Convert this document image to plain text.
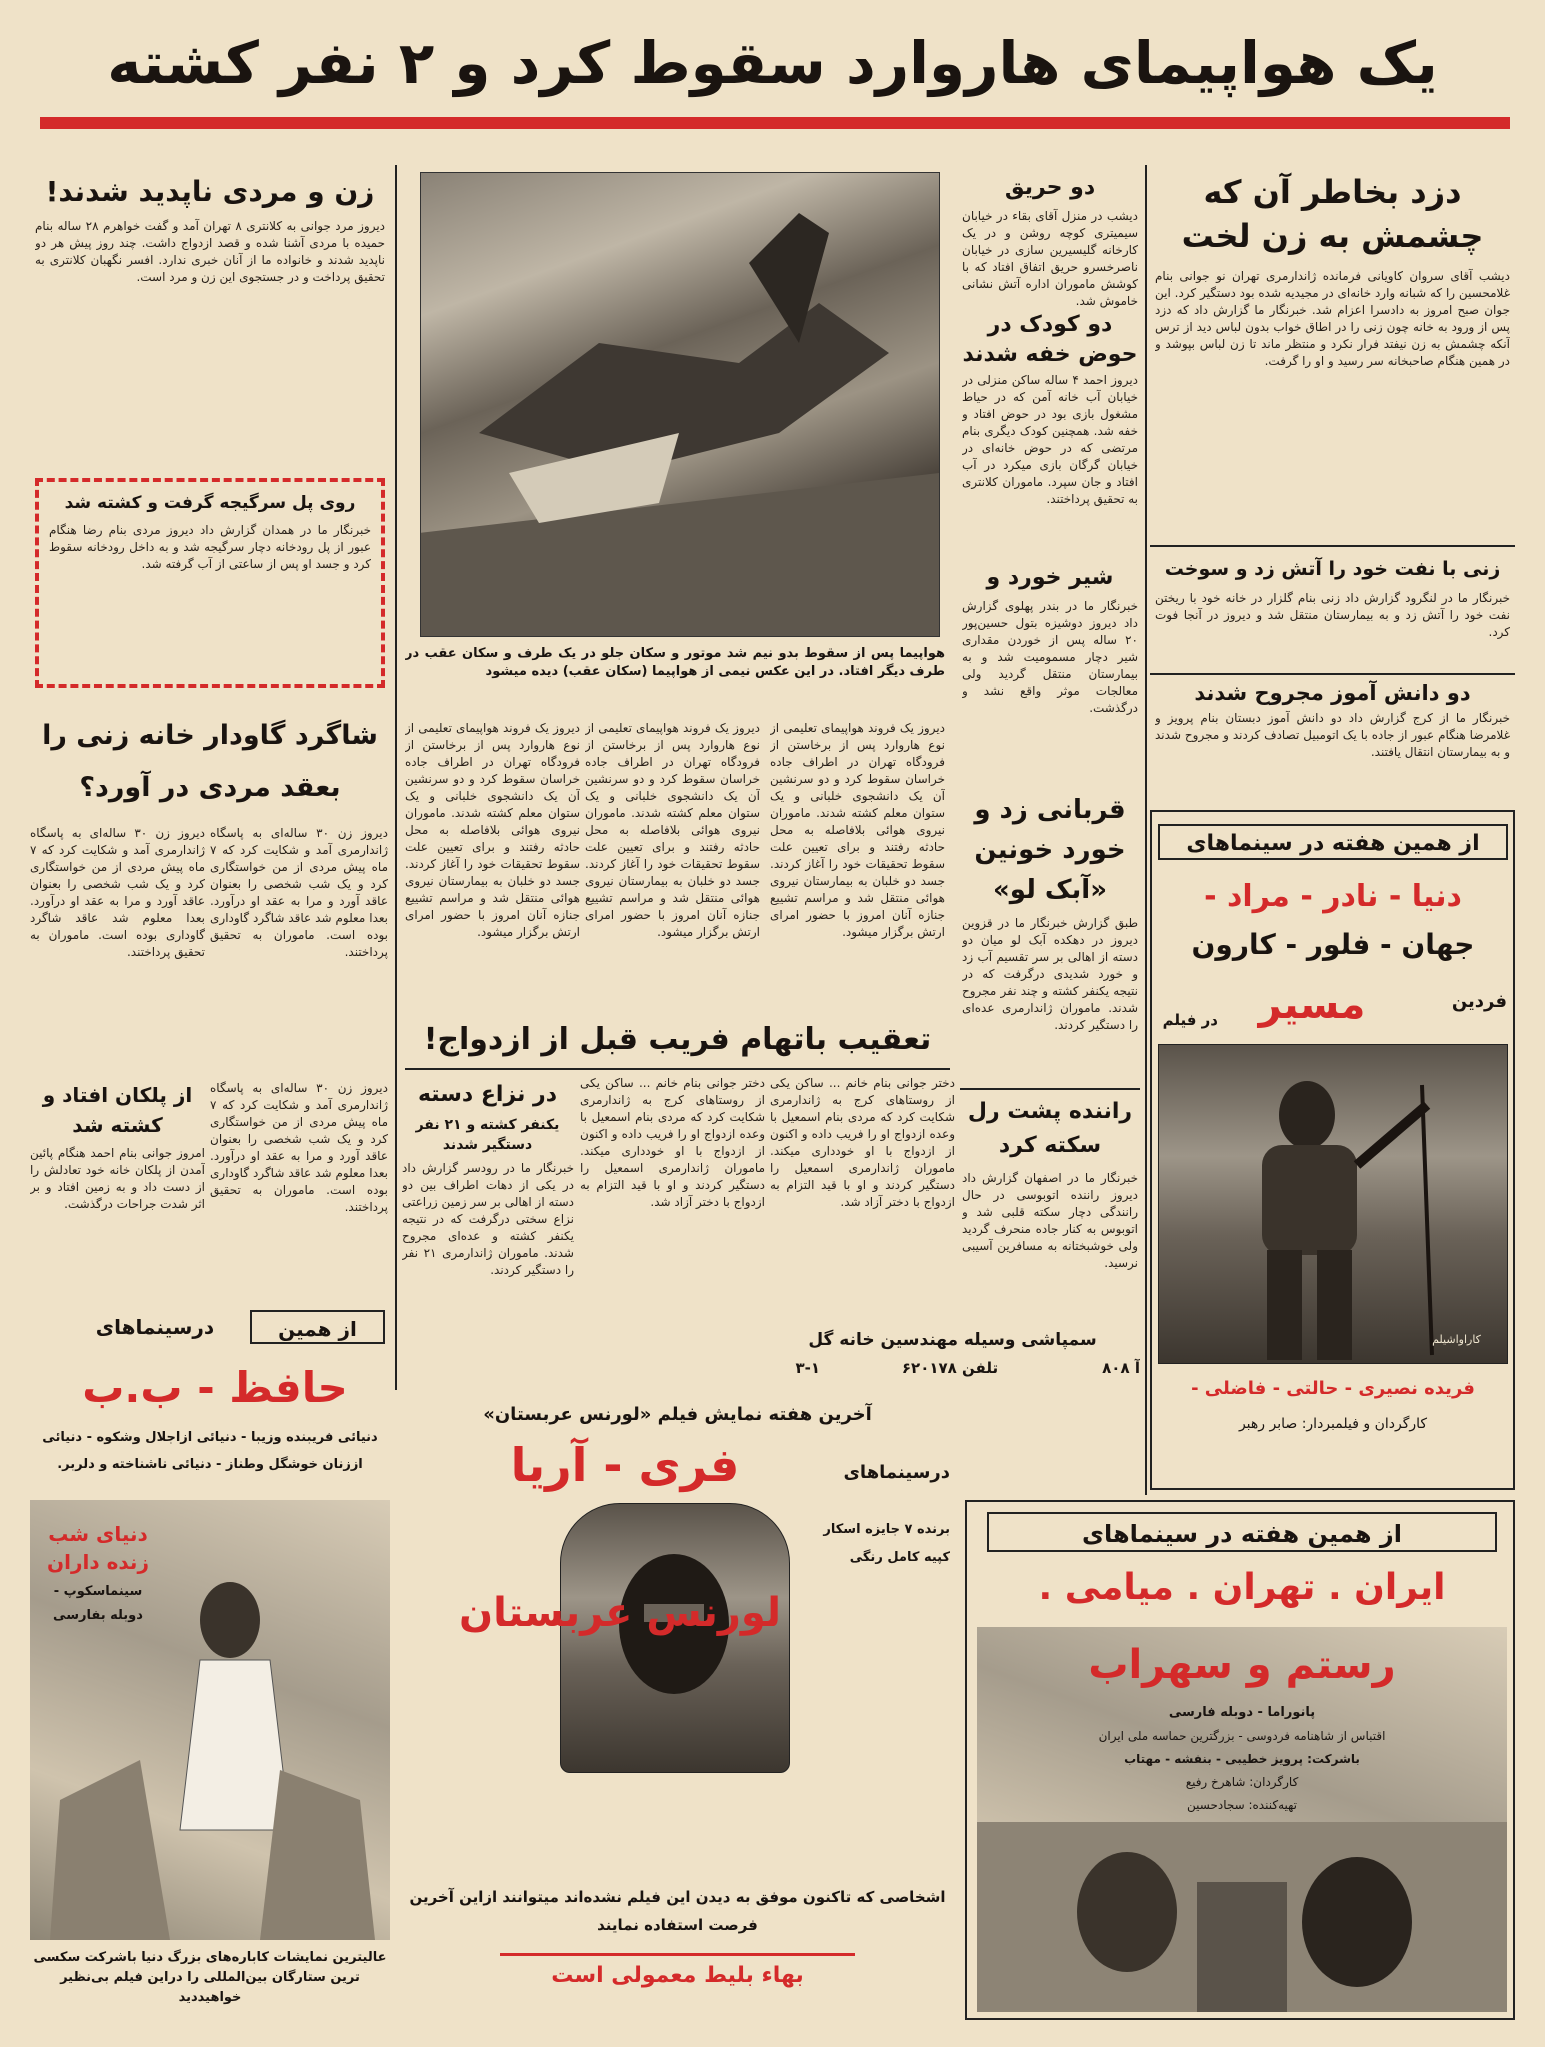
یک هواپیمای هاروارد سقوط کرد و ۲ نفر کشته
دزد بخاطر آن که چشمش به زن لخت
دیشب آقای سروان کاویانی فرمانده ژاندارمری تهران نو جوانی بنام غلامحسین را که شبانه وارد خانه‌ای در مجیدیه شده بود دستگیر کرد. این جوان صبح امروز به دادسرا اعزام شد. خبرنگار ما گزارش داد که دزد پس از ورود به خانه چون زنی را در اطاق خواب بدون لباس دید از ترس آنکه چشمش به زن نیفتد فرار نکرد و منتظر ماند تا زن لباس بپوشد و در همین هنگام صاحبخانه سر رسید و او را گرفت.
زنی با نفت خود را آتش زد و سوخت
خبرنگار ما در لنگرود گزارش داد زنی بنام گلزار در خانه خود با ریختن نفت خود را آتش زد و به بیمارستان منتقل شد و دیروز در آنجا فوت کرد.
دو دانش آموز مجروح شدند
خبرنگار ما از کرج گزارش داد دو دانش آموز دبستان بنام پرویز و غلامرضا هنگام عبور از جاده با یک اتومبیل تصادف کردند و مجروح شدند و به بیمارستان انتقال یافتند.
از همین هفته در سینماهای
دنیا - نادر - مراد -
جهان - فلور - کارون
فردین
مسیر
در فیلم
کاراواشیلم
فریده نصیری - حالتی - فاضلی -
کارگردان و فیلمبردار: صابر رهبر
دو حریق
دیشب در منزل آقای بقاء در خیابان سیمیتری کوچه روشن و در یک کارخانه گلیسیرین سازی در خیابان ناصرخسرو حریق اتفاق افتاد که با کوشش ماموران اداره آتش نشانی خاموش شد.
دو کودک در حوض خفه شدند
دیروز احمد ۴ ساله ساکن منزلی در خیابان آب خانه آمن که در حیاط مشغول بازی بود در حوض افتاد و خفه شد. همچنین کودک دیگری بنام مرتضی که در حوض خانه‌ای در خیابان گرگان بازی میکرد در آب افتاد و جان سپرد. ماموران کلانتری به تحقیق پرداختند.
شیر خورد و
خبرنگار ما در بندر پهلوی گزارش داد دیروز دوشیزه بتول حسین‌پور ۲۰ ساله پس از خوردن مقداری شیر دچار مسمومیت شد و به بیمارستان منتقل گردید ولی معالجات موثر واقع نشد و درگذشت.
قربانی زد و خورد خونین «آبک لو»
طبق گزارش خبرنگار ما در قزوین دیروز در دهکده آبک لو میان دو دسته از اهالی بر سر تقسیم آب زد و خورد شدیدی درگرفت که در نتیجه یکنفر کشته و چند نفر مجروح شدند. ماموران ژاندارمری عده‌ای را دستگیر کردند.
راننده پشت رل سکته کرد
خبرنگار ما در اصفهان گزارش داد دیروز راننده اتوبوسی در حال رانندگی دچار سکته قلبی شد و اتوبوس به کنار جاده منحرف گردید ولی خوشبختانه به مسافرین آسیبی نرسید.
سمپاشی وسیله مهندسین خانه گل
۳-۱	تلفن ۶۲۰۱۷۸	آ ۸۰۸
هواپیما پس از سقوط بدو نیم شد موتور و سکان جلو در یک طرف و سکان عقب در طرف دیگر افتاد. در این عکس نیمی از هواپیما (سکان عقب) دیده میشود
دیروز یک فروند هواپیمای تعلیمی از نوع هاروارد پس از برخاستن از فرودگاه تهران در اطراف جاده خراسان سقوط کرد و دو سرنشین آن یک دانشجوی خلبانی و یک ستوان معلم کشته شدند. ماموران نیروی هوائی بلافاصله به محل حادثه رفتند و برای تعیین علت سقوط تحقیقات خود را آغاز کردند. جسد دو خلبان به بیمارستان نیروی هوائی منتقل شد و مراسم تشییع جنازه آنان امروز با حضور امرای ارتش برگزار میشود.
دیروز یک فروند هواپیمای تعلیمی از نوع هاروارد پس از برخاستن از فرودگاه تهران در اطراف جاده خراسان سقوط کرد و دو سرنشین آن یک دانشجوی خلبانی و یک ستوان معلم کشته شدند. ماموران نیروی هوائی بلافاصله به محل حادثه رفتند و برای تعیین علت سقوط تحقیقات خود را آغاز کردند. جسد دو خلبان به بیمارستان نیروی هوائی منتقل شد و مراسم تشییع جنازه آنان امروز با حضور امرای ارتش برگزار میشود.
دیروز یک فروند هواپیمای تعلیمی از نوع هاروارد پس از برخاستن از فرودگاه تهران در اطراف جاده خراسان سقوط کرد و دو سرنشین آن یک دانشجوی خلبانی و یک ستوان معلم کشته شدند. ماموران نیروی هوائی بلافاصله به محل حادثه رفتند و برای تعیین علت سقوط تحقیقات خود را آغاز کردند. جسد دو خلبان به بیمارستان نیروی هوائی منتقل شد و مراسم تشییع جنازه آنان امروز با حضور امرای ارتش برگزار میشود.
تعقیب باتهام فریب قبل از ازدواج!
دختر جوانی بنام خانم ... ساکن یکی از روستاهای کرج به ژاندارمری شکایت کرد که مردی بنام اسمعیل با وعده ازدواج او را فریب داده و اکنون از ازدواج با او خودداری میکند. ماموران ژاندارمری اسمعیل را دستگیر کردند و او با قید التزام به ازدواج با دختر آزاد شد.
دختر جوانی بنام خانم ... ساکن یکی از روستاهای کرج به ژاندارمری شکایت کرد که مردی بنام اسمعیل با وعده ازدواج او را فریب داده و اکنون از ازدواج با او خودداری میکند. ماموران ژاندارمری اسمعیل را دستگیر کردند و او با قید التزام به ازدواج با دختر آزاد شد.
در نزاع دسته
یکنفر کشته و ۲۱ نفر دستگیر شدند
خبرنگار ما در رودسر گزارش داد در یکی از دهات اطراف بین دو دسته از اهالی بر سر زمین زراعتی نزاع سختی درگرفت که در نتیجه یکنفر کشته و عده‌ای مجروح شدند. ماموران ژاندارمری ۲۱ نفر را دستگیر کردند.
زن و مردی ناپدید شدند!
دیروز مرد جوانی به کلانتری ۸ تهران آمد و گفت خواهرم ۲۸ ساله بنام حمیده با مردی آشنا شده و قصد ازدواج داشت. چند روز پیش هر دو ناپدید شدند و خانواده ما از آنان خبری ندارد. افسر نگهبان کلانتری به تحقیق پرداخت و در جستجوی این زن و مرد است.
روی پل سرگیجه گرفت و کشته شد
خبرنگار ما در همدان گزارش داد دیروز مردی بنام رضا هنگام عبور از پل رودخانه دچار سرگیجه شد و به داخل رودخانه سقوط کرد و جسد او پس از ساعتی از آب گرفته شد.
شاگرد گاودار خانه زنی را بعقد مردی در آورد؟
دیروز زن ۳۰ ساله‌ای به پاسگاه ژاندارمری آمد و شکایت کرد که ۷ ماه پیش مردی از من خواستگاری کرد و یک شب شخصی را بعنوان عاقد آورد و مرا به عقد او درآورد. بعدا معلوم شد عاقد شاگرد گاوداری بوده است. ماموران به تحقیق پرداختند.
دیروز زن ۳۰ ساله‌ای به پاسگاه ژاندارمری آمد و شکایت کرد که ۷ ماه پیش مردی از من خواستگاری کرد و یک شب شخصی را بعنوان عاقد آورد و مرا به عقد او درآورد. بعدا معلوم شد عاقد شاگرد گاوداری بوده است. ماموران به تحقیق پرداختند.
از پلکان افتاد و کشته شد
امروز جوانی بنام احمد هنگام پائین آمدن از پلکان خانه خود تعادلش را از دست داد و به زمین افتاد و بر اثر شدت جراحات درگذشت.
دیروز زن ۳۰ ساله‌ای به پاسگاه ژاندارمری آمد و شکایت کرد که ۷ ماه پیش مردی از من خواستگاری کرد و یک شب شخصی را بعنوان عاقد آورد و مرا به عقد او درآورد. بعدا معلوم شد عاقد شاگرد گاوداری بوده است. ماموران به تحقیق پرداختند.
از همین
درسینماهای
حافظ - ب.ب
دنیائی فریبنده وزیبا - دنیائی ازاجلال وشکوه - دنیائی
اززنان خوشگل وطناز - دنیائی ناشناخته و دلربر.
دنیای شب زنده داران
سینماسکوپ -
دوبله بفارسی
عالیترین نمایشات کاباره‌های بزرگ دنیا باشرکت سکسی ترین ستارگان بین‌المللی را دراین فیلم بی‌نظیر خواهیددید
آخرین هفته نمایش فیلم «لورنس عربستان»
فری - آریا	درسینماهای
برنده ۷ جایزه اسکار
کپیه کامل رنگی
لورنس عربستان
اشخاصی که تاکنون موفق به دیدن این فیلم نشده‌اند میتوانند ازاین آخرین فرصت استفاده نمایند
بهاء بلیط معمولی است
از همین هفته در سینماهای
ایران . تهران . میامی .
رستم و سهراب
پانوراما - دوبله فارسی
اقتباس از شاهنامه فردوسی - بزرگترین حماسه ملی ایران
باشرکت: پرویز خطیبی - بنفشه - مهتاب
کارگردان: شاهرخ رفیع
تهیه‌کننده: سجادحسین
